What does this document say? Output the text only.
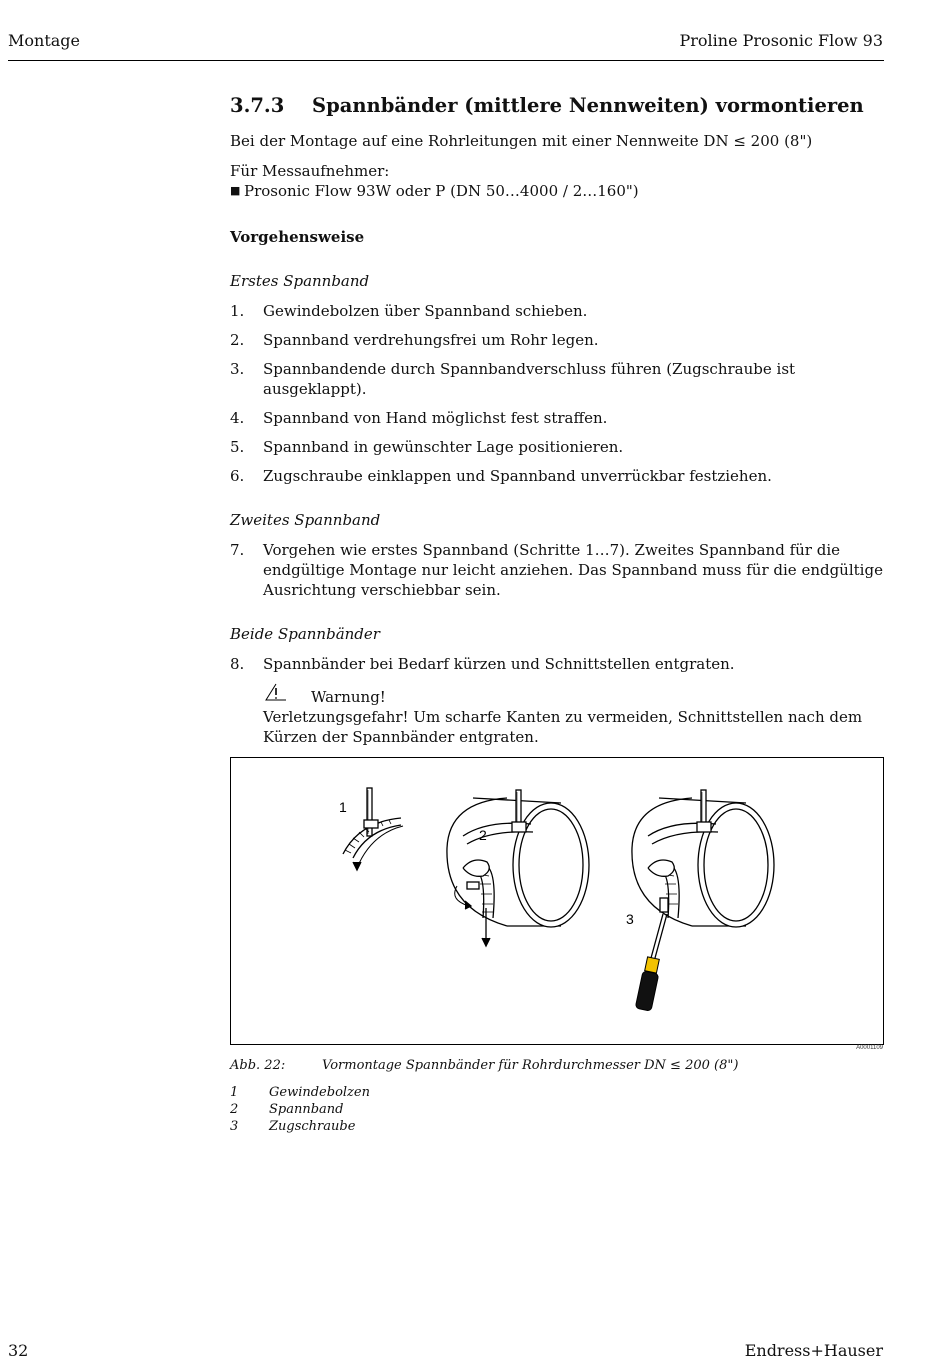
Montage	Proline Prosonic Flow 93
3.7.3	Spannbänder (mittlere Nennweiten) vormontieren

Bei der Montage auf eine Rohrleitungen mit einer Nennweite DN ≤ 200 (8")

Für Messaufnehmer:

■ Prosonic Flow 93W oder P (DN 50…4000 / 2…160")

Vorgehensweise

Erstes Spannband

1.	Gewindebolzen über Spannband schieben.
2.	Spannband verdrehungsfrei um Rohr legen.
3.	Spannbandende durch Spannbandverschluss führen (Zugschraube ist ausgeklappt).
4.	Spannband von Hand möglichst fest straffen.
5.	Spannband in gewünschter Lage positionieren.
6.	Zugschraube einklappen und Spannband unverrückbar festziehen.

Zweites Spannband

7.	Vorgehen wie erstes Spannband (Schritte 1…7). Zweites Spannband für die endgültige Montage nur leicht anziehen. Das Spannband muss für die endgültige Ausrichtung verschiebbar sein.

Beide Spannbänder

8.	Spannbänder bei Bedarf kürzen und Schnittstellen entgraten.
Warnung!

Verletzungsgefahr! Um scharfe Kanten zu vermeiden, Schnittstellen nach dem Kürzen der Spannbänder entgraten.

1
2
3
A0001109
Abb. 22:	Vormontage Spannbänder für Rohrdurchmesser DN ≤ 200 (8")
1	Gewindebolzen
2	Spannband
3	Zugschraube
32	Endress+Hauser
